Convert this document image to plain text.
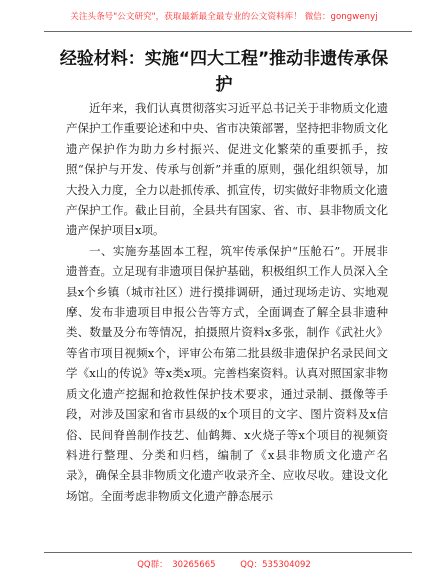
关注头条号"公文研究"，获取最新最全最专业的公文资料库！ 微信：gongwenyj
经验材料：实施“四大工程”推动非遗传承保护

近年来，我们认真贯彻落实习近平总书记关于非物质文化遗产保护工作重要论述和中央、省市决策部署，坚持把非物质文化遗产保护作为助力乡村振兴、促进文化繁荣的重要抓手，按照“保护与开发、传承与创新”并重的原则，强化组织领导，加大投入力度，全力以赴抓传承、抓宣传，切实做好非物质文化遗产保护工作。截止目前，全县共有国家、省、市、县非物质文化遗产保护项目x项。

一、实施夯基固本工程，筑牢传承保护“压舱石”。开展非遗普查。立足现有非遗项目保护基础，积极组织工作人员深入全县x个乡镇（城市社区）进行摸排调研，通过现场走访、实地观摩、发布非遗项目申报公告等方式，全面调查了解全县非遗种类、数量及分布等情况，拍摄照片资料x多张，制作《武社火》等省市项目视频x个，评审公布第二批县级非遗保护名录民间文学《x山的传说》等x类x项。完善档案资料。认真对照国家非物质文化遗产挖掘和抢救性保护技术要求，通过录制、摄像等手段，对涉及国家和省市县级的x个项目的文字、图片资料及x信俗、民间脊兽制作技艺、仙鹤舞、x火烧子等x个项目的视频资料进行整理、分类和归档，编制了《x县非物质文化遗产名录》，确保全县非物质文化遗产收录齐全、应收尽收。建设文化场馆。全面考虑非物质文化遗产静态展示

QQ群： 30265665	QQ：535304092
